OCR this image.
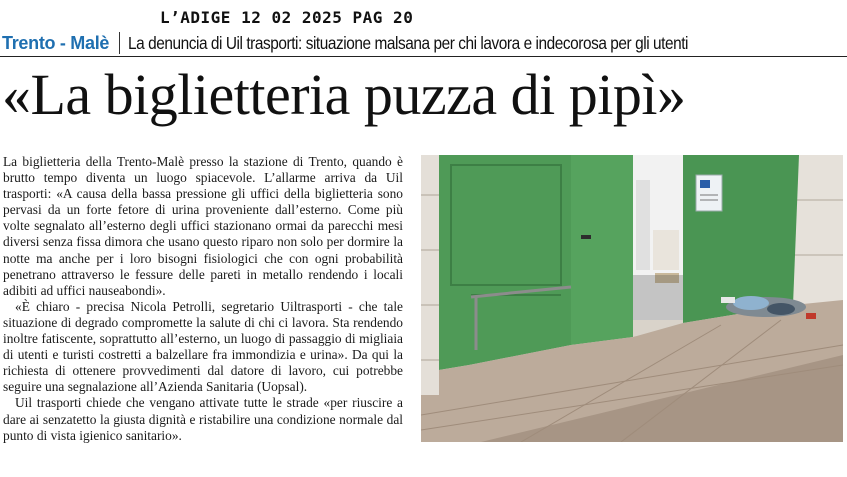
L’ADIGE 12 02 2025 PAG 20
Trento - Malè La denuncia di Uil trasporti: situazione malsana per chi lavora e indecorosa per gli utenti
«La biglietteria puzza di pipì»

La biglietteria della Trento-Malè presso la stazione di Trento, quando è brutto tempo diventa un luogo spiacevole. L’allarme arriva da Uil trasporti: «A causa della bassa pressione gli uffici della biglietteria sono pervasi da un forte fetore di urina proveniente dall’esterno. Come più volte segnalato all’esterno degli uffici stazionano ormai da parecchi mesi diversi senza fissa dimora che usano questo riparo non solo per dormire la notte ma anche per i loro bisogni fisiologici che con ogni probabilità penetrano attraverso le fessure delle pareti in metallo rendendo i locali adibiti ad uffici nauseabondi».

«È chiaro - precisa Nicola Petrolli, segretario Uiltrasporti - che tale situazione di degrado compromette la salute di chi ci lavora. Sta rendendo inoltre fatiscente, soprattutto all’esterno, un luogo di passaggio di migliaia di utenti e turisti costretti a balzellare fra immondizia e urina». Da qui la richiesta di ottenere provvedimenti dal datore di lavoro, cui potrebbe seguire una segnalazione all’Azienda Sanitaria (Uopsal).

Uil trasporti chiede che vengano attivate tutte le strade «per riuscire a dare ai senzatetto la giusta dignità e ristabilire una condizione normale dal punto di vista igienico sanitario».
